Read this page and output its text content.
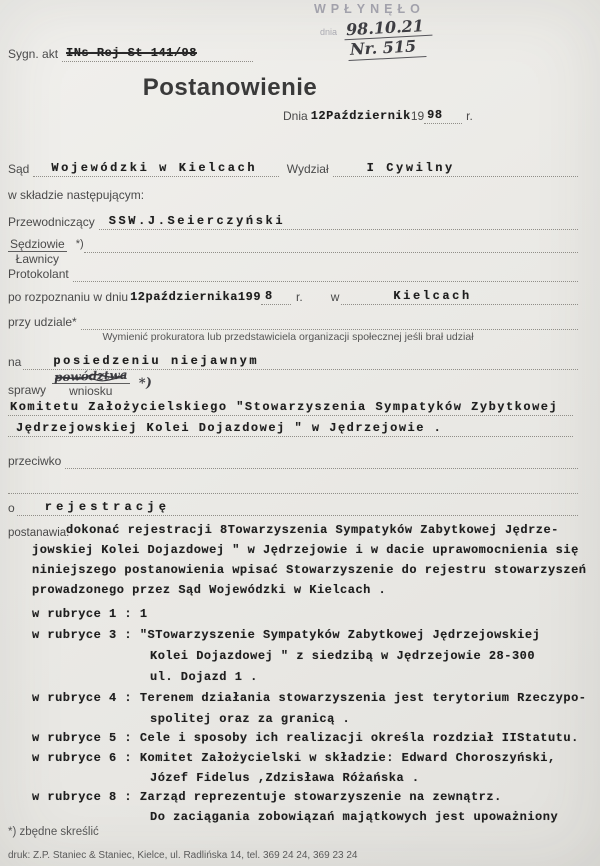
WPŁYNĘŁO
dnia 98.10.21
Nr. 515
Sygn. akt INs-Rej-St 141/98
Postanowienie
Dnia 12Październik 19 98 r.
Sąd	Wojewódzki w Kielcach Wydział	I Cywilny
w składzie następującym:
Przewodniczący	SSW.J.Seierczyński
$\frac{\text{Sędziowie}}{\text{Ławnicy}}$ *)
Protokolant
po rozpoznaniu w dniu 12października199 8 r. w	Kielcach
przy udziale*
Wymienić prokuratora lub przedstawiciela organizacji społecznej jeśli brał udział
na	posiedzeniu niejawnym
sprawy $\frac{\text{powództwa}}{\text{wniosku}}$ *)
Komitetu Założycielskiego "Stowarzyszenia Sympatyków Zybytkowej
Jędrzejowskiej Kolei Dojazdowej " w Jędrzejowie .
przeciwko
o	rejestrację
postanawia:
dokonać rejestracji 8Towarzyszenia Sympatyków Zabytkowej Jędrze-
jowskiej Kolei Dojazdowej " w Jędrzejowie i w dacie uprawomocnienia się
niniejszego postanowienia wpisać Stowarzyszenie do rejestru stowarzyszeń
prowadzonego przez Sąd Wojewódzki w Kielcach .
w rubryce 1 : 1
w rubryce 3 : "STowarzyszenie Sympatyków Zabytkowej Jędrzejowskiej
Kolei Dojazdowej " z siedzibą w Jędrzejowie 28-300
ul. Dojazd 1 .
w rubryce 4 : Terenem działania stowarzyszenia jest terytorium Rzeczypo-
spolitej oraz za granicą .
w rubryce 5 : Cele i sposoby ich realizacji określa rozdział IIStatutu.
w rubryce 6 : Komitet Założycielski w składzie: Edward Choroszyński,
Józef Fidelus ,Zdzisława Różańska .
w rubryce 8 : Zarząd reprezentuje stowarzyszenie na zewnątrz.
Do zaciągania zobowiązań majątkowych jest upoważniony
*) zbędne skreślić
druk: Z.P. Staniec & Staniec, Kielce, ul. Radlińska 14, tel. 369 24 24, 369 23 24
